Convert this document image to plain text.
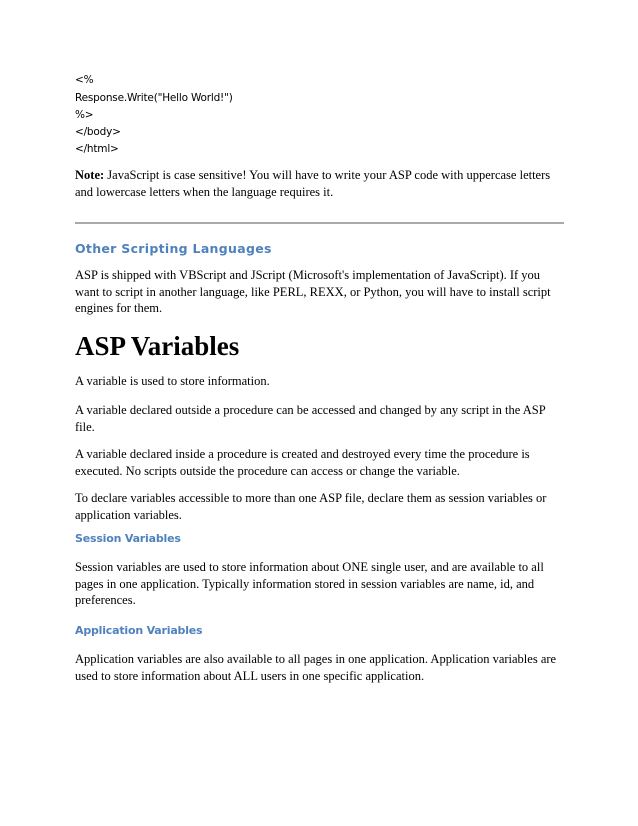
<%
Response.Write("Hello World!")
%>
</body>
</html>
Note: JavaScript is case sensitive! You will have to write your ASP code with uppercase letters and lowercase letters when the language requires it.
Other Scripting Languages
ASP is shipped with VBScript and JScript (Microsoft's implementation of JavaScript). If you want to script in another language, like PERL, REXX, or Python, you will have to install script engines for them.
ASP Variables
A variable is used to store information.
A variable declared outside a procedure can be accessed and changed by any script in the ASP file.
A variable declared inside a procedure is created and destroyed every time the procedure is executed. No scripts outside the procedure can access or change the variable.
To declare variables accessible to more than one ASP file, declare them as session variables or application variables.
Session Variables
Session variables are used to store information about ONE single user, and are available to all pages in one application. Typically information stored in session variables are name, id, and preferences.
Application Variables
Application variables are also available to all pages in one application. Application variables are used to store information about ALL users in one specific application.
